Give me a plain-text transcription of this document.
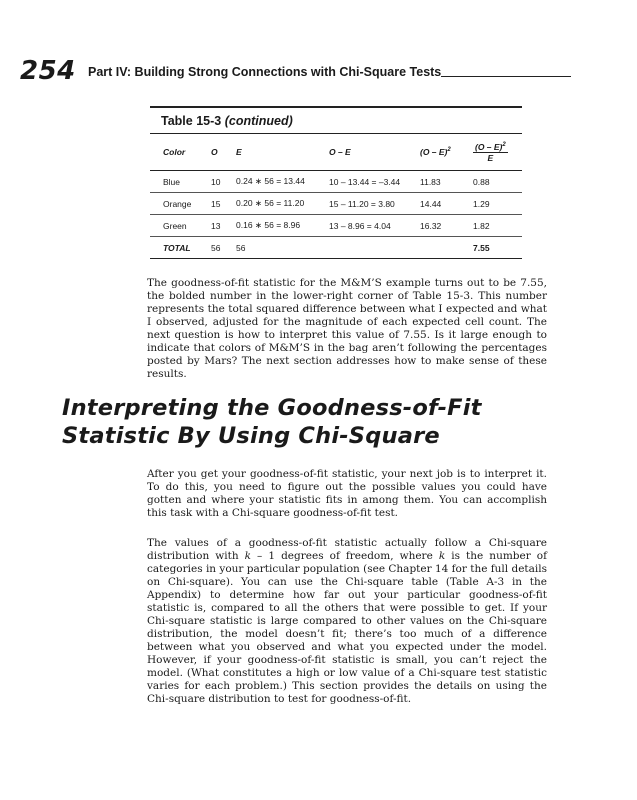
254 Part IV: Building Strong Connections with Chi-Square Tests
Table 15-3 (continued)
Color	O	E	O – E	(O – E)$^2$	$\frac{(O - E)^2}{E}$

Blue	10	0.24 ∗ 56 = 13.44	10 – 13.44 = –3.44	11.83	0.88
Orange	15	0.20 ∗ 56 = 11.20	15 – 11.20 = 3.80	14.44	1.29
Green	13	0.16 ∗ 56 = 8.96	13 – 8.96 = 4.04	16.32	1.82
TOTAL	56	56			7.55

The goodness-of-fit statistic for the M&M’S example turns out to be 7.55, the bolded number in the lower-right corner of Table 15-3. This number represents the total squared difference between what I expected and what I observed, adjusted for the magnitude of each expected cell count. The next question is how to interpret this value of 7.55. Is it large enough to indicate that colors of M&M’S in the bag aren’t following the percentages posted by Mars? The next section addresses how to make sense of these results.

Interpreting the Goodness-of-Fit
Statistic By Using Chi-Square

After you get your goodness-of-fit statistic, your next job is to interpret it. To do this, you need to figure out the possible values you could have gotten and where your statistic fits in among them. You can accomplish this task with a Chi-square goodness-of-fit test.

The values of a goodness-of-fit statistic actually follow a Chi-square distribution with k – 1 degrees of freedom, where k is the number of categories in your particular population (see Chapter 14 for the full details on Chi-square). You can use the Chi-square table (Table A-3 in the Appendix) to determine how far out your particular goodness-of-fit statistic is, compared to all the others that were possible to get. If your Chi-square statistic is large compared to other values on the Chi-square distribution, the model doesn’t fit; there’s too much of a difference between what you observed and what you expected under the model. However, if your goodness-of-fit statistic is small, you can’t reject the model. (What constitutes a high or low value of a Chi-square test statistic varies for each problem.) This section provides the details on using the Chi-square distribution to test for goodness-of-fit.
